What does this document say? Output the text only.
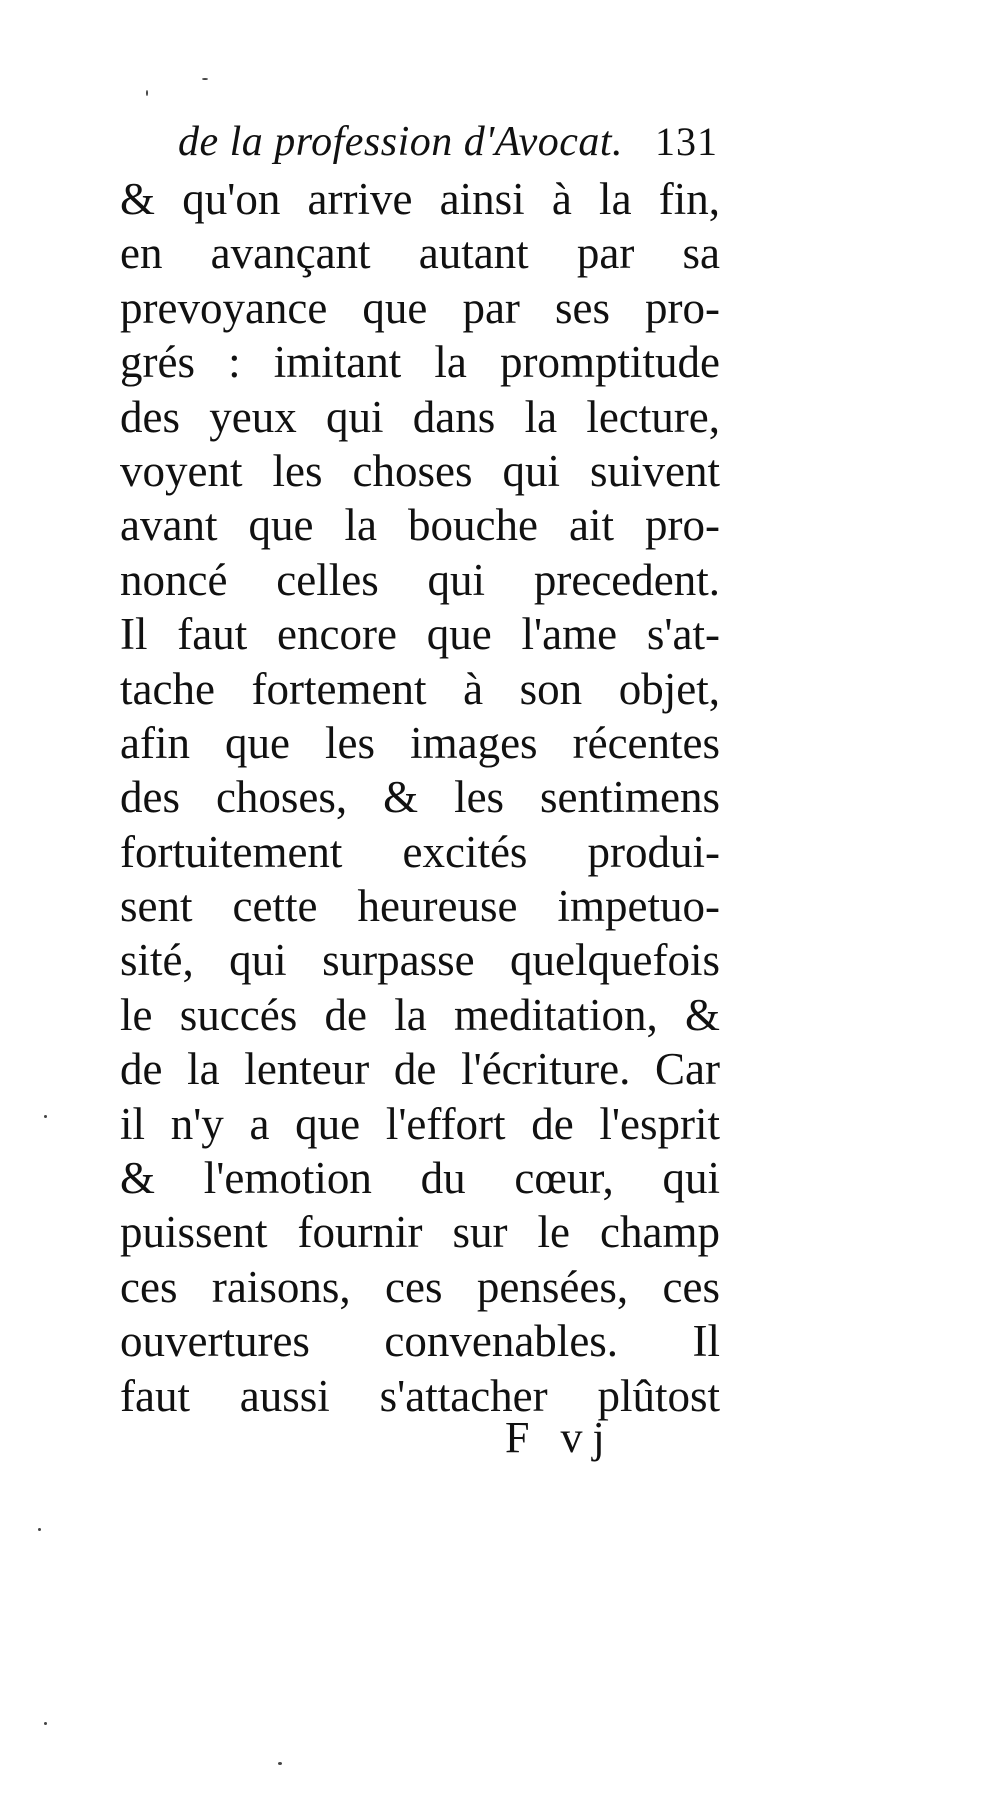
de la profession d'Avocat. 131
& qu'on arrive ainsi à la fin,
en avançant autant par sa
prevoyance que par ses pro-
grés : imitant la promptitude
des yeux qui dans la lecture,
voyent les choses qui suivent
avant que la bouche ait pro-
noncé celles qui precedent.
Il faut encore que l'ame s'at-
tache fortement à son objet,
afin que les images récentes
des choses, & les sentimens
fortuitement excités produi-
sent cette heureuse impetuo-
sité, qui surpasse quelquefois
le succés de la meditation, &
de la lenteur de l'écriture. Car
il n'y a que l'effort de l'esprit
& l'emotion du cœur, qui
puissent fournir sur le champ
ces raisons, ces pensées, ces
ouvertures convenables. Il
faut aussi s'attacher plûtost
F vj
